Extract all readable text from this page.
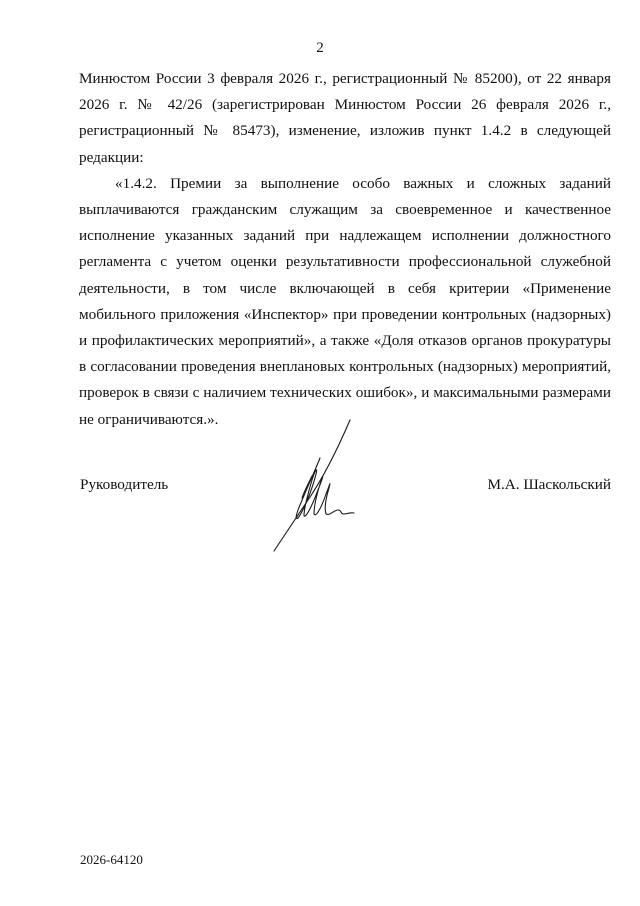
2

Минюстом России 3 февраля 2026 г., регистрационный № 85200), от 22 января 2026 г. № 42/26 (зарегистрирован Минюстом России 26 февраля 2026 г., регистрационный № 85473), изменение, изложив пункт 1.4.2 в следующей редакции:

«1.4.2. Премии за выполнение особо важных и сложных заданий выплачиваются гражданским служащим за своевременное и качественное исполнение указанных заданий при надлежащем исполнении должностного регламента с учетом оценки результативности профессиональной служебной деятельности, в том числе включающей в себя критерии «Применение мобильного приложения «Инспектор» при проведении контрольных (надзорных) и профилактических мероприятий», а также «Доля отказов органов прокуратуры в согласовании проведения внеплановых контрольных (надзорных) мероприятий, проверок в связи с наличием технических ошибок», и максимальными размерами не ограничиваются.».

Руководитель	М.А. Шаскольский
2026-64120
